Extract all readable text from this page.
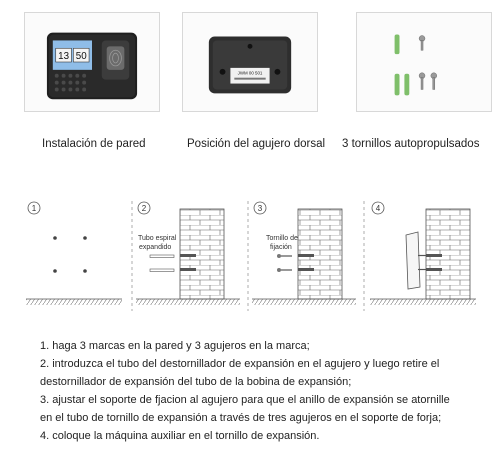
13 50
Instalación de pared
JWM 00 501
Posición del agujero dorsal 3 tornillos autopropulsados
1	2
Tubo espiral
expandido
3
Tornillo de
fijación
4

1. haga 3 marcas en la pared y 3 agujeros en la marca;

2. introduzca el tubo del destornillador de expansión en el agujero y luego retire el

destornillador de expansión del tubo de la bobina de expansión;

3. ajustar el soporte de fjacion al agujero para que el anillo de expansión se atornille

en el tubo de tornillo de expansión a través de tres agujeros en el soporte de forja;

4. coloque la máquina auxiliar en el tornillo de expansión.
